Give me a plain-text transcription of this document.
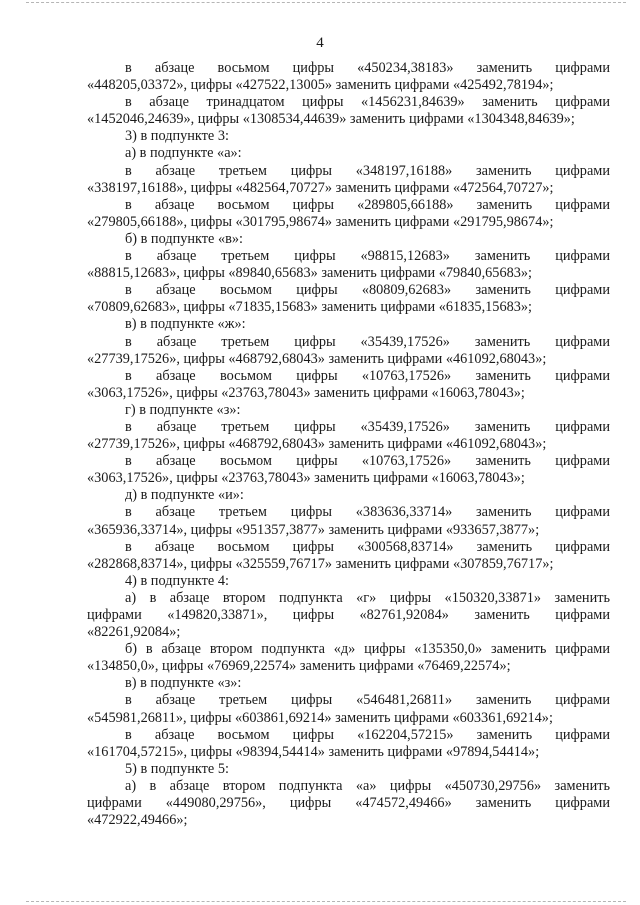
4
в абзаце восьмом цифры «450234,38183» заменить цифрами
«448205,03372», цифры «427522,13005» заменить цифрами «425492,78194»;
в абзаце тринадцатом цифры «1456231,84639» заменить цифрами
«1452046,24639», цифры «1308534,44639» заменить цифрами «1304348,84639»;
3) в подпункте 3:
а) в подпункте «а»:
в абзаце третьем цифры «348197,16188» заменить цифрами
«338197,16188», цифры «482564,70727» заменить цифрами «472564,70727»;
в абзаце восьмом цифры «289805,66188» заменить цифрами
«279805,66188», цифры «301795,98674» заменить цифрами «291795,98674»;
б) в подпункте «в»:
в абзаце третьем цифры «98815,12683» заменить цифрами
«88815,12683», цифры «89840,65683» заменить цифрами «79840,65683»;
в абзаце восьмом цифры «80809,62683» заменить цифрами
«70809,62683», цифры «71835,15683» заменить цифрами «61835,15683»;
в) в подпункте «ж»:
в абзаце третьем цифры «35439,17526» заменить цифрами
«27739,17526», цифры «468792,68043» заменить цифрами «461092,68043»;
в абзаце восьмом цифры «10763,17526» заменить цифрами
«3063,17526», цифры «23763,78043» заменить цифрами «16063,78043»;
г) в подпункте «з»:
в абзаце третьем цифры «35439,17526» заменить цифрами
«27739,17526», цифры «468792,68043» заменить цифрами «461092,68043»;
в абзаце восьмом цифры «10763,17526» заменить цифрами
«3063,17526», цифры «23763,78043» заменить цифрами «16063,78043»;
д) в подпункте «и»:
в абзаце третьем цифры «383636,33714» заменить цифрами
«365936,33714», цифры «951357,3877» заменить цифрами «933657,3877»;
в абзаце восьмом цифры «300568,83714» заменить цифрами
«282868,83714», цифры «325559,76717» заменить цифрами «307859,76717»;
4) в подпункте 4:
а) в абзаце втором подпункта «г» цифры «150320,33871» заменить
цифрами «149820,33871», цифры «82761,92084» заменить цифрами
«82261,92084»;
б) в абзаце втором подпункта «д» цифры «135350,0» заменить цифрами
«134850,0», цифры «76969,22574» заменить цифрами «76469,22574»;
в) в подпункте «з»:
в абзаце третьем цифры «546481,26811» заменить цифрами
«545981,26811», цифры «603861,69214» заменить цифрами «603361,69214»;
в абзаце восьмом цифры «162204,57215» заменить цифрами
«161704,57215», цифры «98394,54414» заменить цифрами «97894,54414»;
5) в подпункте 5:
а) в абзаце втором подпункта «а» цифры «450730,29756» заменить
цифрами «449080,29756», цифры «474572,49466» заменить цифрами
«472922,49466»;
